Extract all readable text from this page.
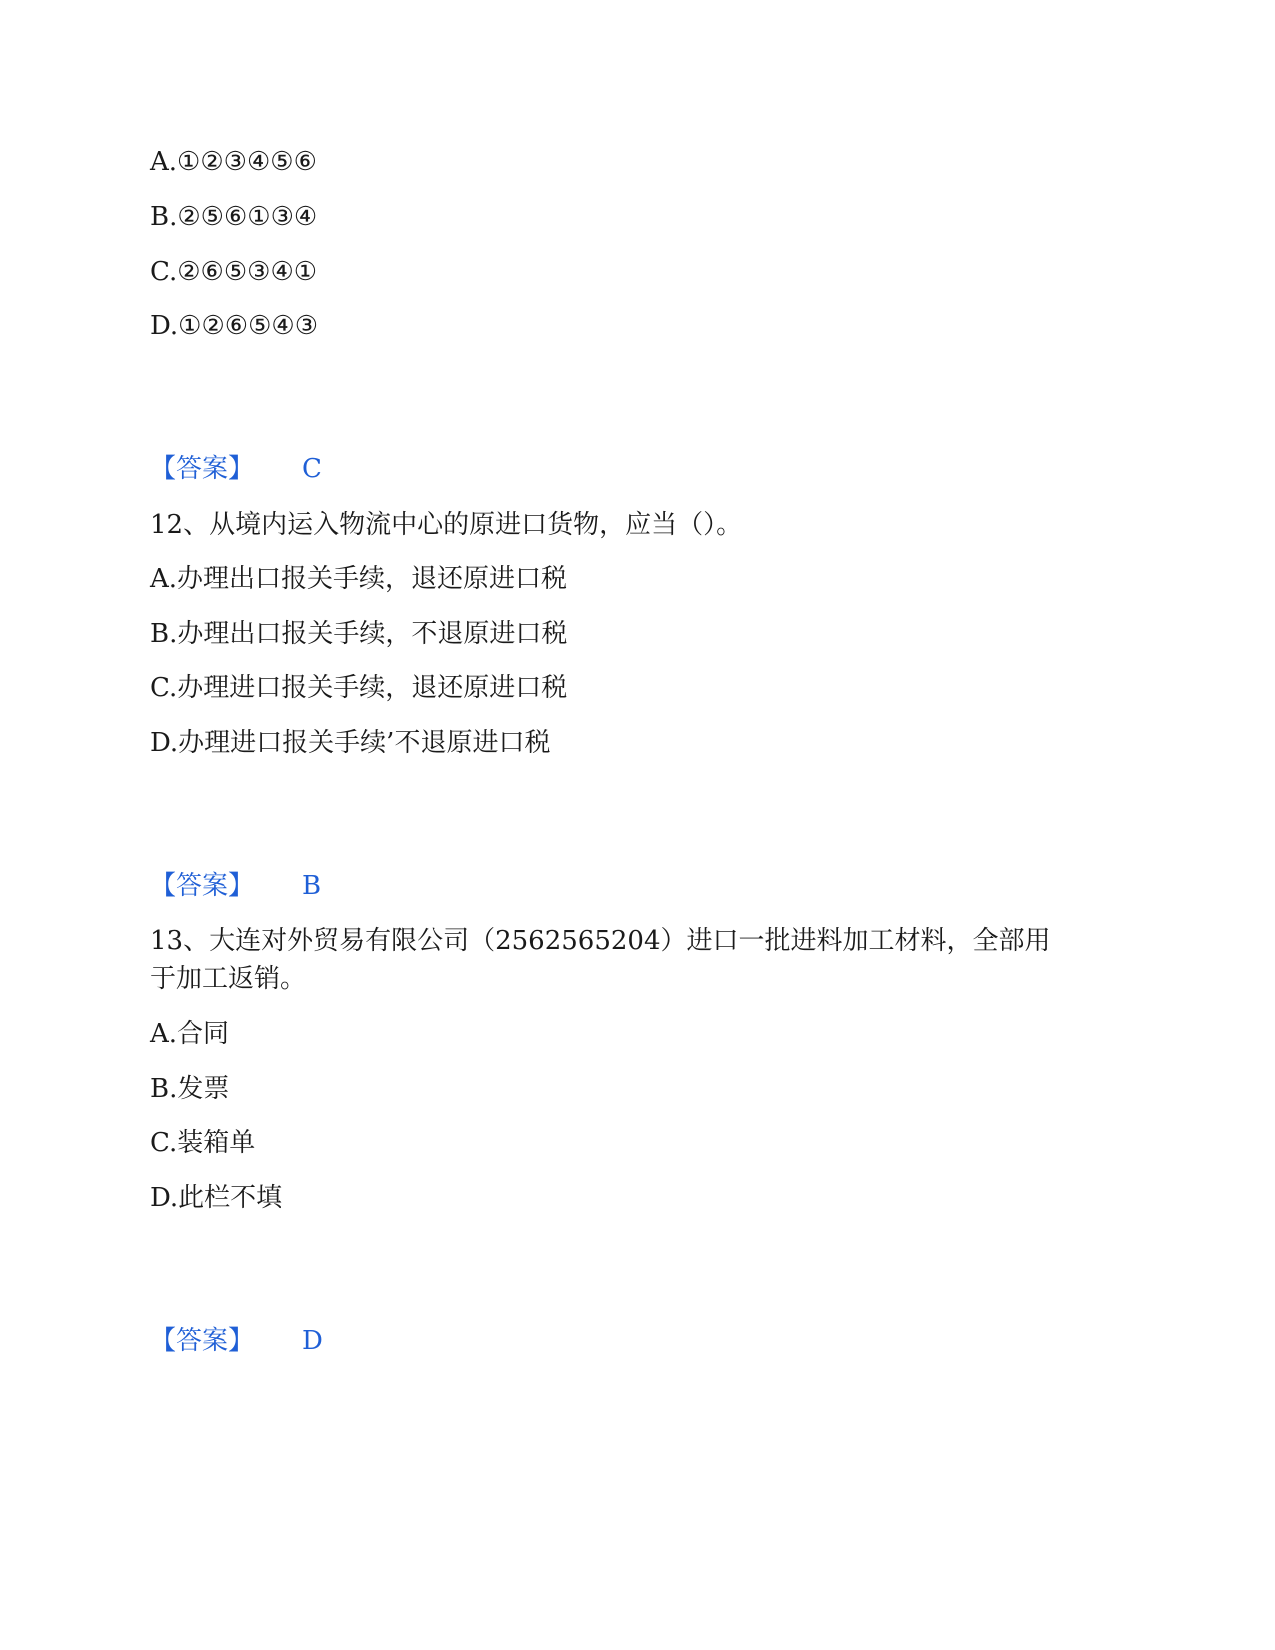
A.①②③④⑤⑥
B.②⑤⑥①③④
C.②⑥⑤③④①
D.①②⑥⑤④③
【答案】 C
12、从境内运入物流中心的原进口货物，应当（）。
A.办理出口报关手续，退还原进口税
B.办理出口报关手续，不退原进口税
C.办理进口报关手续，退还原进口税
D.办理进口报关手续’不退原进口税
【答案】 B
13、大连对外贸易有限公司（2562565204）进口一批进料加工材料，全部用
于加工返销。
A.合同
B.发票
C.装箱单
D.此栏不填
【答案】 D
